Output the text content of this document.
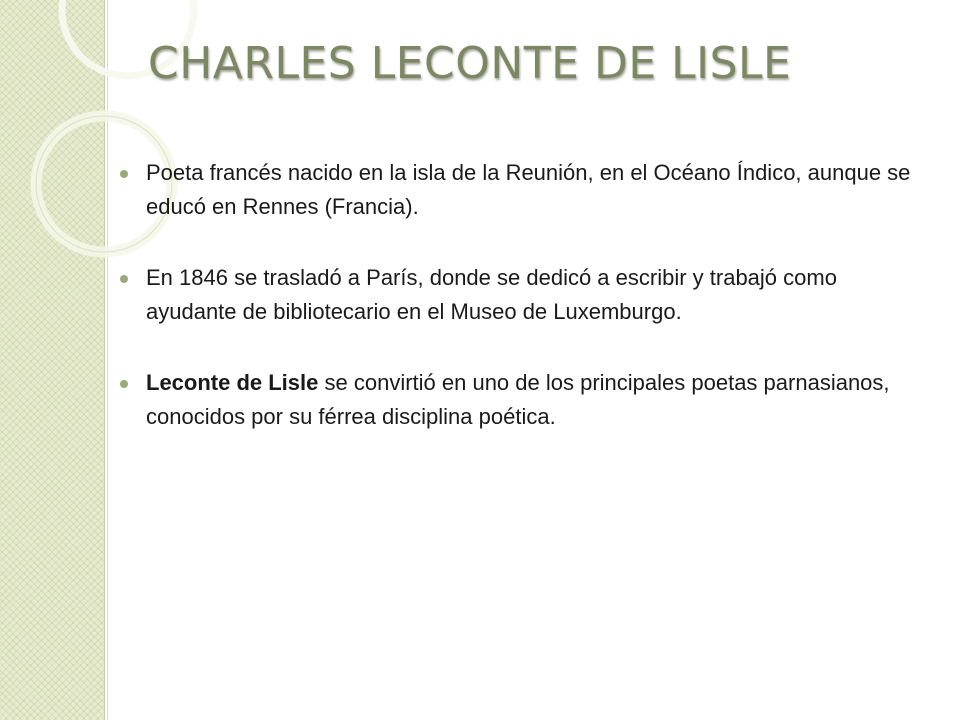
CHARLES LECONTE DE LISLE
Poeta francés nacido en la isla de la Reunión, en el Océano Índico, aunque se educó en Rennes (Francia).
En 1846 se trasladó a París, donde se dedicó a escribir y trabajó como ayudante de bibliotecario en el Museo de Luxemburgo.
Leconte de Lisle se convirtió en uno de los principales poetas parnasianos, conocidos por su férrea disciplina poética.
